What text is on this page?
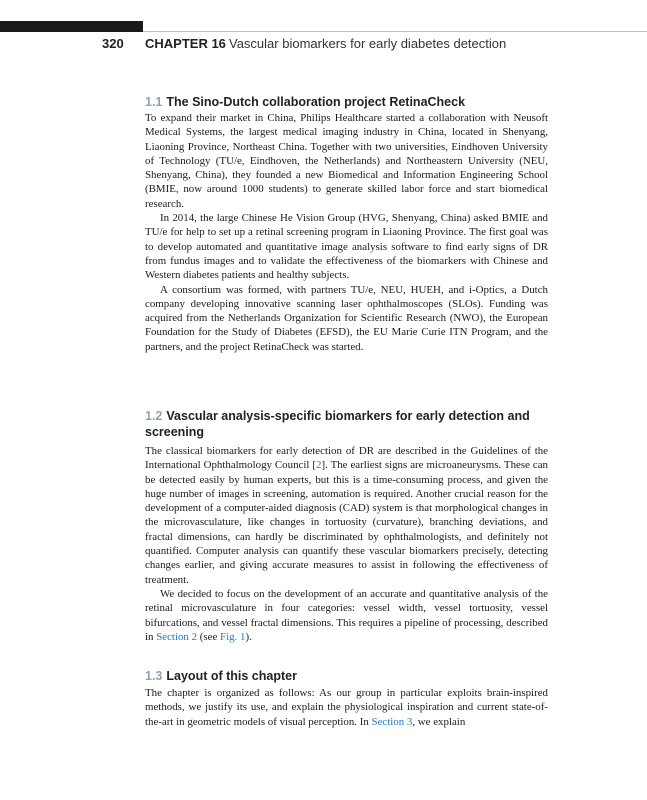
320 CHAPTER 16 Vascular biomarkers for early diabetes detection
1.1 The Sino-Dutch collaboration project RetinaCheck

To expand their market in China, Philips Healthcare started a collaboration with Neusoft Medical Systems, the largest medical imaging industry in China, located in Shenyang, Liaoning Province, Northeast China. Together with two universities, Eindhoven University of Technology (TU/e, Eindhoven, the Netherlands) and Northeastern University (NEU, Shenyang, China), they founded a new Biomedical and Information Engineering School (BMIE, now around 1000 students) to generate skilled labor force and start biomedical research.

In 2014, the large Chinese He Vision Group (HVG, Shenyang, China) asked BMIE and TU/e for help to set up a retinal screening program in Liaoning Province. The first goal was to develop automated and quantitative image analysis software to find early signs of DR from fundus images and to validate the effectiveness of the biomarkers with Chinese and Western diabetes patients and healthy subjects.

A consortium was formed, with partners TU/e, NEU, HUEH, and i-Optics, a Dutch company developing innovative scanning laser ophthalmoscopes (SLOs). Funding was acquired from the Netherlands Organization for Scientific Research (NWO), the European Foundation for the Study of Diabetes (EFSD), the EU Marie Curie ITN Program, and the partners, and the project RetinaCheck was started.

1.2 Vascular analysis-specific biomarkers for early detection and screening

The classical biomarkers for early detection of DR are described in the Guidelines of the International Ophthalmology Council [2]. The earliest signs are microaneurysms. These can be detected easily by human experts, but this is a time-consuming process, and given the huge number of images in screening, automation is required. Another crucial reason for the development of a computer-aided diagnosis (CAD) system is that morphological changes in the microvasculature, like changes in tortuosity (curvature), branching deviations, and fractal dimensions, can hardly be discriminated by ophthalmologists, and definitely not quantified. Computer analysis can quantify these vascular biomarkers precisely, detecting changes earlier, and giving accurate measures to assist in following the effectiveness of treatment.

We decided to focus on the development of an accurate and quantitative analysis of the retinal microvasculature in four categories: vessel width, vessel tortuosity, vessel bifurcations, and vessel fractal dimensions. This requires a pipeline of processing, described in Section 2 (see Fig. 1).

1.3 Layout of this chapter

The chapter is organized as follows: As our group in particular exploits brain-inspired methods, we justify its use, and explain the physiological inspiration and current state-of-the-art in geometric models of visual perception. In Section 3, we explain
